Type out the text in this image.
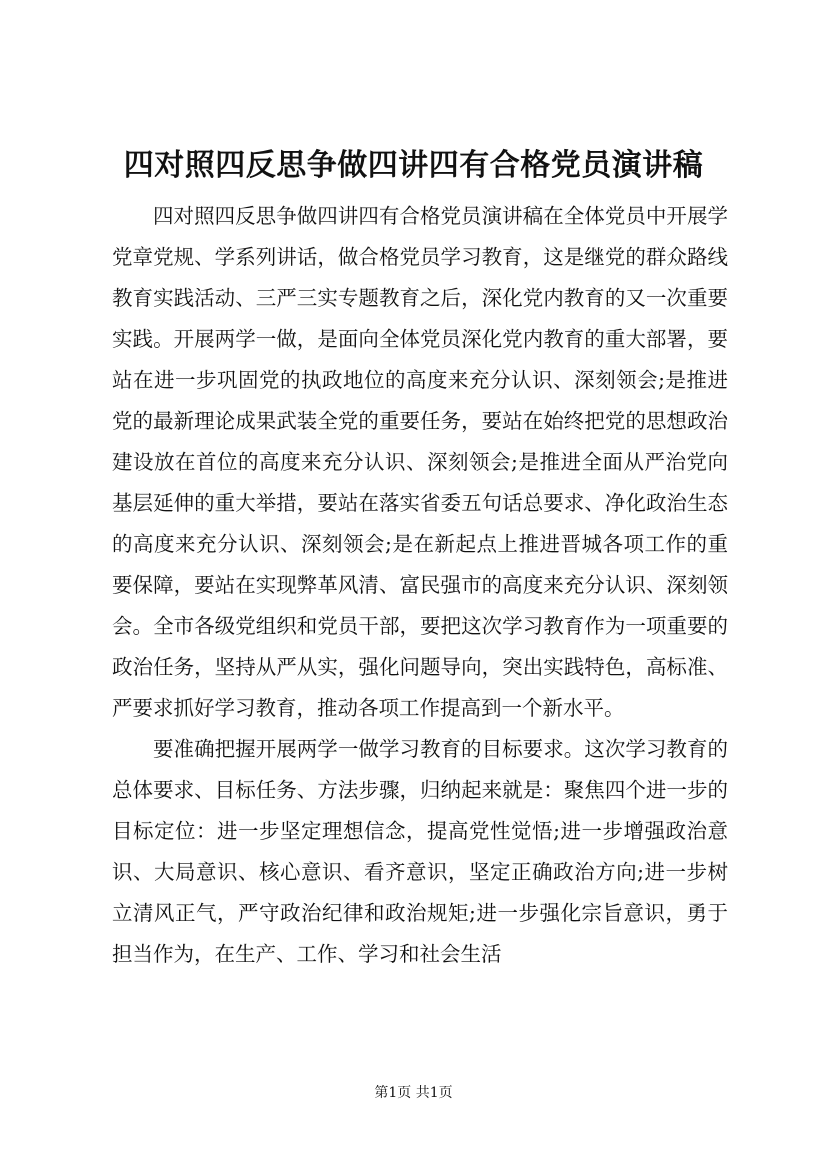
四对照四反思争做四讲四有合格党员演讲稿

四对照四反思争做四讲四有合格党员演讲稿在全体党员中开展学党章党规、学系列讲话，做合格党员学习教育，这是继党的群众路线教育实践活动、三严三实专题教育之后，深化党内教育的又一次重要实践。开展两学一做，是面向全体党员深化党内教育的重大部署，要站在进一步巩固党的执政地位的高度来充分认识、深刻领会;是推进党的最新理论成果武装全党的重要任务，要站在始终把党的思想政治建设放在首位的高度来充分认识、深刻领会;是推进全面从严治党向基层延伸的重大举措，要站在落实省委五句话总要求、净化政治生态的高度来充分认识、深刻领会;是在新起点上推进晋城各项工作的重要保障，要站在实现弊革风清、富民强市的高度来充分认识、深刻领会。全市各级党组织和党员干部，要把这次学习教育作为一项重要的政治任务，坚持从严从实，强化问题导向，突出实践特色，高标准、严要求抓好学习教育，推动各项工作提高到一个新水平。

要准确把握开展两学一做学习教育的目标要求。这次学习教育的总体要求、目标任务、方法步骤，归纳起来就是：聚焦四个进一步的目标定位：进一步坚定理想信念，提高党性觉悟;进一步增强政治意识、大局意识、核心意识、看齐意识，坚定正确政治方向;进一步树立清风正气，严守政治纪律和政治规矩;进一步强化宗旨意识，勇于担当作为，在生产、工作、学习和社会生活

第1页 共1页
